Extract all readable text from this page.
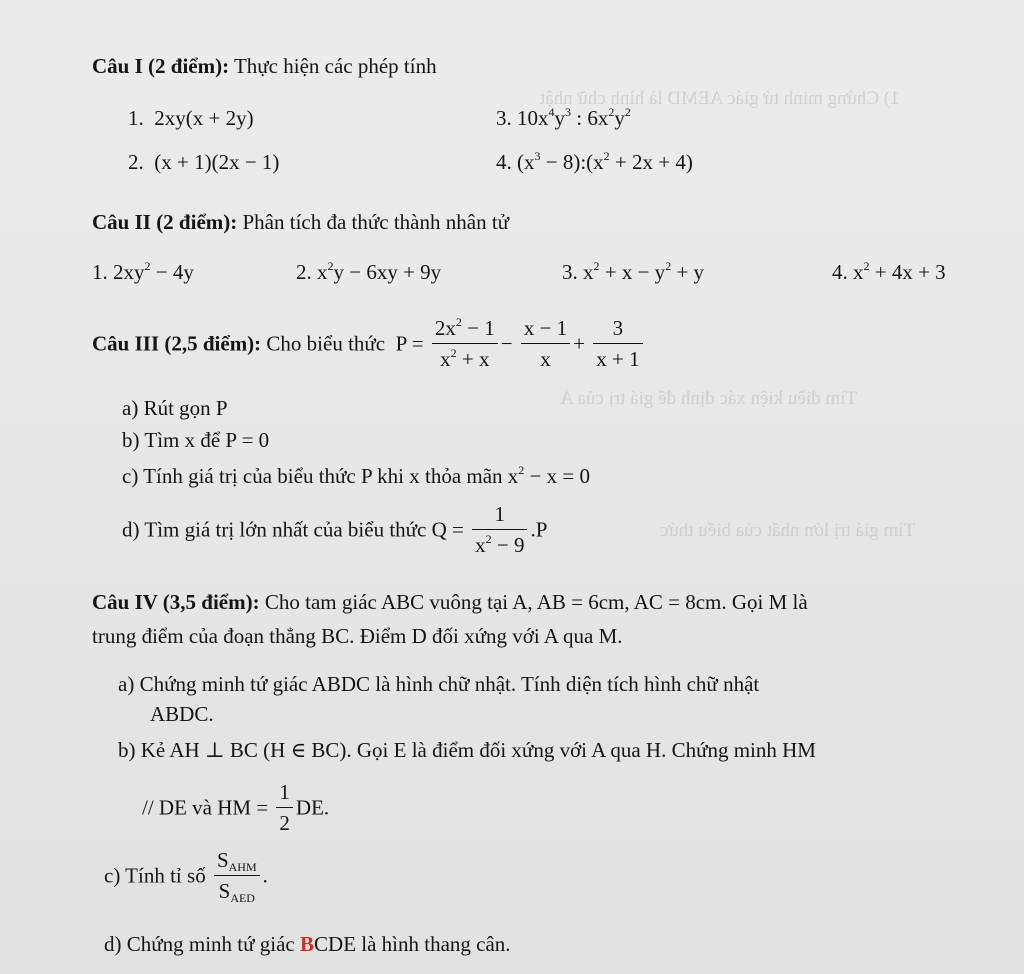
1) Chứng minh tứ giác AEMD là hình chữ nhật
Tìm điều kiện xác định để giá trị của A
Tìm giá trị lớn nhất của biểu thức
Câu I (2 điểm): Thực hiện các phép tính
1. 2xy(x + 2y)
2. (x + 1)(2x − 1)
3. $10x^4y^3$ : $6x^2y^2$
4. ($x^3$ − $8):(x^2 + 2x + 4)$
Câu II (2 điểm): Phân tích đa thức thành nhân tử
1. $2xy^2 - 4y$	2. $x^2y - 6xy + 9y$	3. $x^2 + x - y^2 + y$	4. $x^2 + 4x + 3$
Câu III (2,5 điểm): Cho biểu thức $P = \frac{2x^2 - 1}{x^2 + x} - \frac{x - 1}{x} + \frac{3}{x + 1}$
a) Rút gọn P
b) Tìm x để P = 0
c) Tính giá trị của biểu thức P khi x thỏa mãn $x^2 - x = 0$
d) Tìm giá trị lớn nhất của biểu thức $Q = \frac{1}{x^2 - 9} .P$
Câu IV (3,5 điểm): Cho tam giác ABC vuông tại A, AB = 6cm, AC = 8cm. Gọi M là
trung điểm của đoạn thẳng BC. Điểm D đối xứng với A qua M.
a) Chứng minh tứ giác ABDC là hình chữ nhật. Tính diện tích hình chữ nhật
ABDC.
b) Kẻ AH ⊥ BC (H ∈ BC). Gọi E là điểm đối xứng với A qua H. Chứng minh HM
// DE và HM = $\frac{1}{2}$ DE.
c) Tính tỉ số $\frac{S_{AHM}}{S_{AED}}$ .
d) Chứng minh tứ giác BCDE là hình thang cân.
